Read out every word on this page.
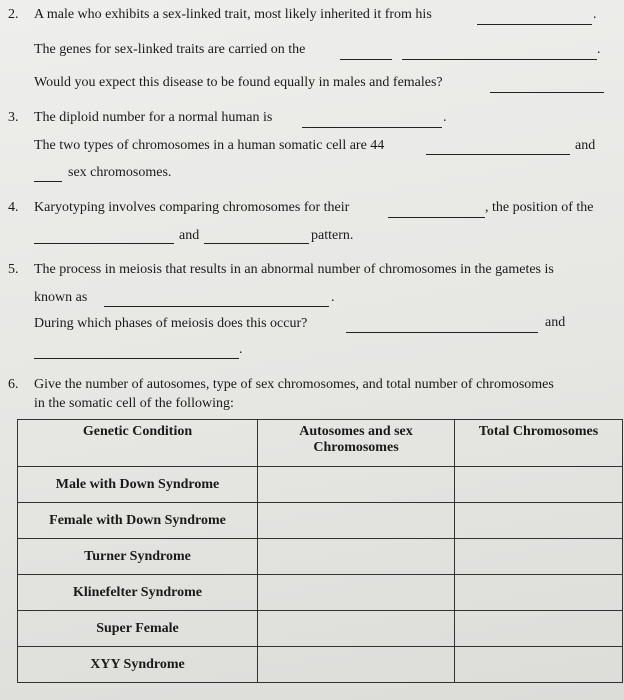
2. A male who exhibits a sex-linked trait, most likely inherited it from his	.
The genes for sex-linked traits are carried on the	.
Would you expect this disease to be found equally in males and females?
3. The diploid number for a normal human is	.
The two types of chromosomes in a human somatic cell are 44	and
sex chromosomes.
4. Karyotyping involves comparing chromosomes for their	, the position of the
and	pattern.
5. The process in meiosis that results in an abnormal number of chromosomes in the gametes is
known as	.
During which phases of meiosis does this occur?	and
.
6. Give the number of autosomes, type of sex chromosomes, and total number of chromosomes
in the somatic cell of the following:
Genetic Condition	Autosomes and sex Chromosomes	Total Chromosomes
Male with Down Syndrome		
Female with Down Syndrome		
Turner Syndrome		
Klinefelter Syndrome		
Super Female		
XYY Syndrome		
